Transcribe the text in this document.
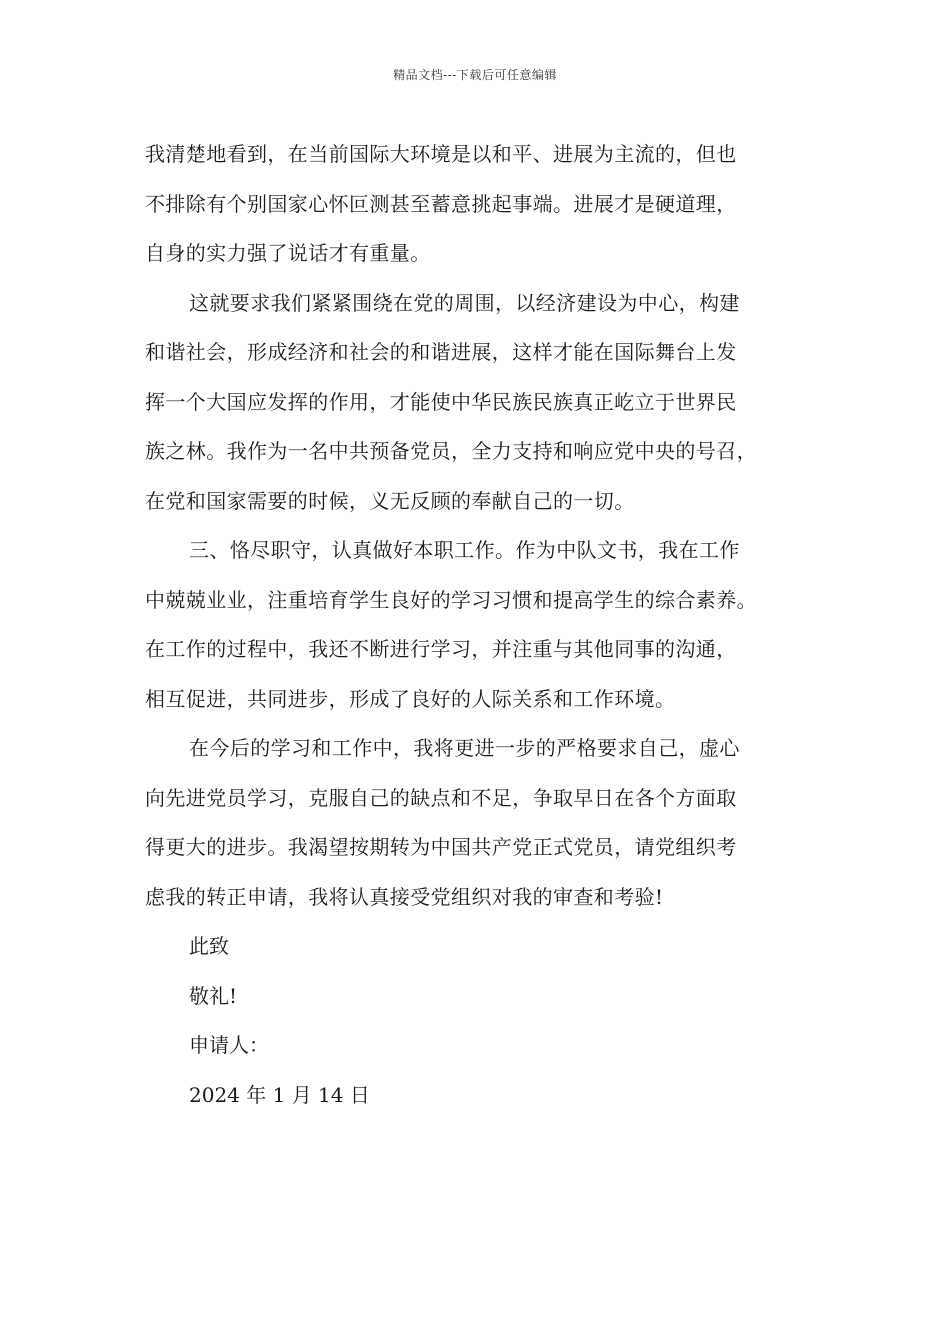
精品文档---下载后可任意编辑

我清楚地看到，在当前国际大环境是以和平、进展为主流的，但也
不排除有个别国家心怀叵测甚至蓄意挑起事端。进展才是硬道理，
自身的实力强了说话才有重量。

这就要求我们紧紧围绕在党的周围，以经济建设为中心，构建
和谐社会，形成经济和社会的和谐进展，这样才能在国际舞台上发
挥一个大国应发挥的作用，才能使中华民族民族真正屹立于世界民
族之林。我作为一名中共预备党员，全力支持和响应党中央的号召，
在党和国家需要的时候，义无反顾的奉献自己的一切。

三、恪尽职守，认真做好本职工作。作为中队文书，我在工作
中兢兢业业，注重培育学生良好的学习习惯和提高学生的综合素养。
在工作的过程中，我还不断进行学习，并注重与其他同事的沟通，
相互促进，共同进步，形成了良好的人际关系和工作环境。

在今后的学习和工作中，我将更进一步的严格要求自己，虚心
向先进党员学习，克服自己的缺点和不足，争取早日在各个方面取
得更大的进步。我渴望按期转为中国共产党正式党员，请党组织考
虑我的转正申请，我将认真接受党组织对我的审查和考验!

此致

敬礼!

申请人：

2024 年 1 月 14 日
